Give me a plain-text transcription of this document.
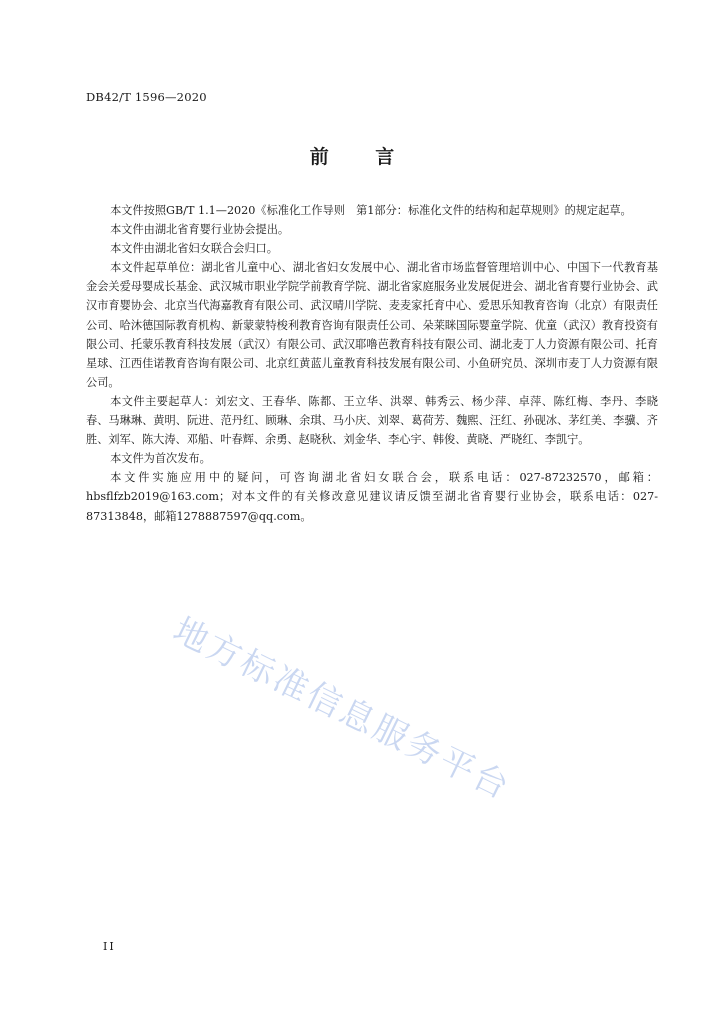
DB42/T 1596—2020
前 言

本文件按照GB/T 1.1—2020《标准化工作导则　第1部分：标准化文件的结构和起草规则》的规定起草。

本文件由湖北省育婴行业协会提出。

本文件由湖北省妇女联合会归口。

本文件起草单位：湖北省儿童中心、湖北省妇女发展中心、湖北省市场监督管理培训中心、中国下一代教育基金会关爱母婴成长基金、武汉城市职业学院学前教育学院、湖北省家庭服务业发展促进会、湖北省育婴行业协会、武汉市育婴协会、北京当代海嘉教育有限公司、武汉晴川学院、麦麦家托育中心、爱思乐知教育咨询（北京）有限责任公司、哈沐德国际教育机构、新蒙蒙特梭利教育咨询有限责任公司、朵莱眯国际婴童学院、优童（武汉）教育投资有限公司、托蒙乐教育科技发展（武汉）有限公司、武汉耶噜芭教育科技有限公司、湖北麦丁人力资源有限公司、托育星球、江西佳诺教育咨询有限公司、北京红黄蓝儿童教育科技发展有限公司、小鱼研究员、深圳市麦丁人力资源有限公司。

本文件主要起草人：刘宏文、王春华、陈都、王立华、洪翠、韩秀云、杨少萍、卓萍、陈红梅、李丹、李晓春、马琳琳、黄明、阮进、范丹红、顾琳、余琪、马小庆、刘翠、葛荷芳、魏熙、汪红、孙砚冰、茅红美、李骥、齐胜、刘军、陈大涛、邓船、叶春辉、余勇、赵晓秋、刘金华、李心宇、韩俊、黄晓、严晓红、李凯宁。

本文件为首次发布。

本文件实施应用中的疑问，可咨询湖北省妇女联合会，联系电话：027-87232570，邮箱：hbsflfzb2019@163.com；对本文件的有关修改意见建议请反馈至湖北省育婴行业协会，联系电话：027-87313848，邮箱1278887597@qq.com。

地方标准信息服务平台
II
